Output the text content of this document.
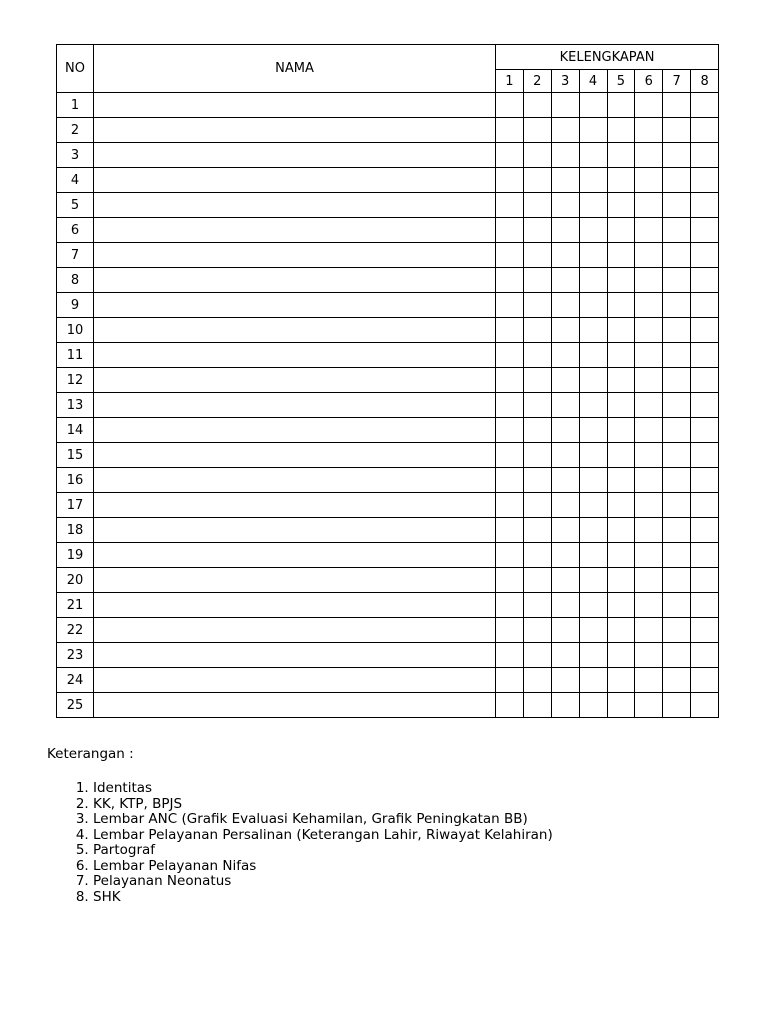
NO	NAMA	KELENGKAPAN							
		1	2	3	4	5	6	7	8
1									
2									
3									
4									
5									
6									
7									
8									
9									
10									
11									
12									
13									
14									
15									
16									
17									
18									
19									
20									
21									
22									
23									
24									
25									

Keterangan :

1. Identitas
2. KK, KTP, BPJS
3. Lembar ANC (Grafik Evaluasi Kehamilan, Grafik Peningkatan BB)
4. Lembar Pelayanan Persalinan (Keterangan Lahir, Riwayat Kelahiran)
5. Partograf
6. Lembar Pelayanan Nifas
7. Pelayanan Neonatus
8. SHK
